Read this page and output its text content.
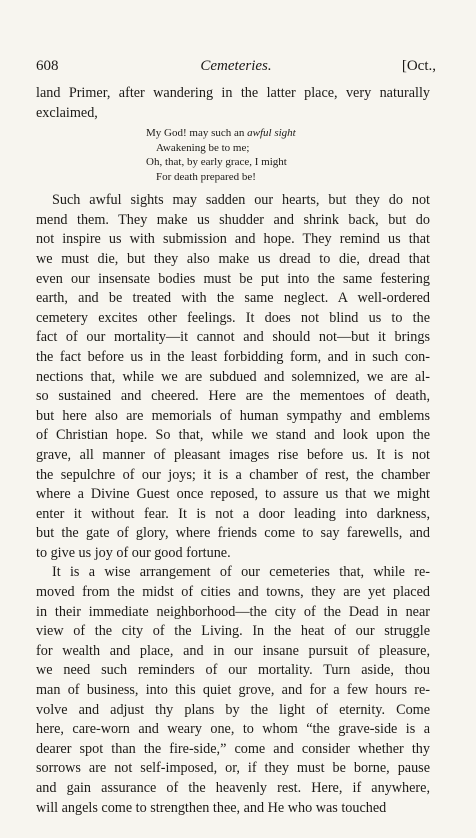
608	Cemeteries.	[Oct.,
land Primer, after wandering in the latter place, very naturally
exclaimed,
My God! may such an awful sight
Awakening be to me;
Oh, that, by early grace, I might
For death prepared be!
Such awful sights may sadden our hearts, but they do not
mend them. They make us shudder and shrink back, but do
not inspire us with submission and hope. They remind us that
we must die, but they also make us dread to die, dread that
even our insensate bodies must be put into the same festering
earth, and be treated with the same neglect. A well-ordered
cemetery excites other feelings. It does not blind us to the
fact of our mortality—it cannot and should not—but it brings
the fact before us in the least forbidding form, and in such con-
nections that, while we are subdued and solemnized, we are al-
so sustained and cheered. Here are the mementoes of death,
but here also are memorials of human sympathy and emblems
of Christian hope. So that, while we stand and look upon the
grave, all manner of pleasant images rise before us. It is not
the sepulchre of our joys; it is a chamber of rest, the chamber
where a Divine Guest once reposed, to assure us that we might
enter it without fear. It is not a door leading into darkness,
but the gate of glory, where friends come to say farewells, and
to give us joy of our good fortune.
It is a wise arrangement of our cemeteries that, while re-
moved from the midst of cities and towns, they are yet placed
in their immediate neighborhood—the city of the Dead in near
view of the city of the Living. In the heat of our struggle
for wealth and place, and in our insane pursuit of pleasure,
we need such reminders of our mortality. Turn aside, thou
man of business, into this quiet grove, and for a few hours re-
volve and adjust thy plans by the light of eternity. Come
here, care-worn and weary one, to whom “the grave-side is a
dearer spot than the fire-side,” come and consider whether thy
sorrows are not self-imposed, or, if they must be borne, pause
and gain assurance of the heavenly rest. Here, if anywhere,
will angels come to strengthen thee, and He who was touched
